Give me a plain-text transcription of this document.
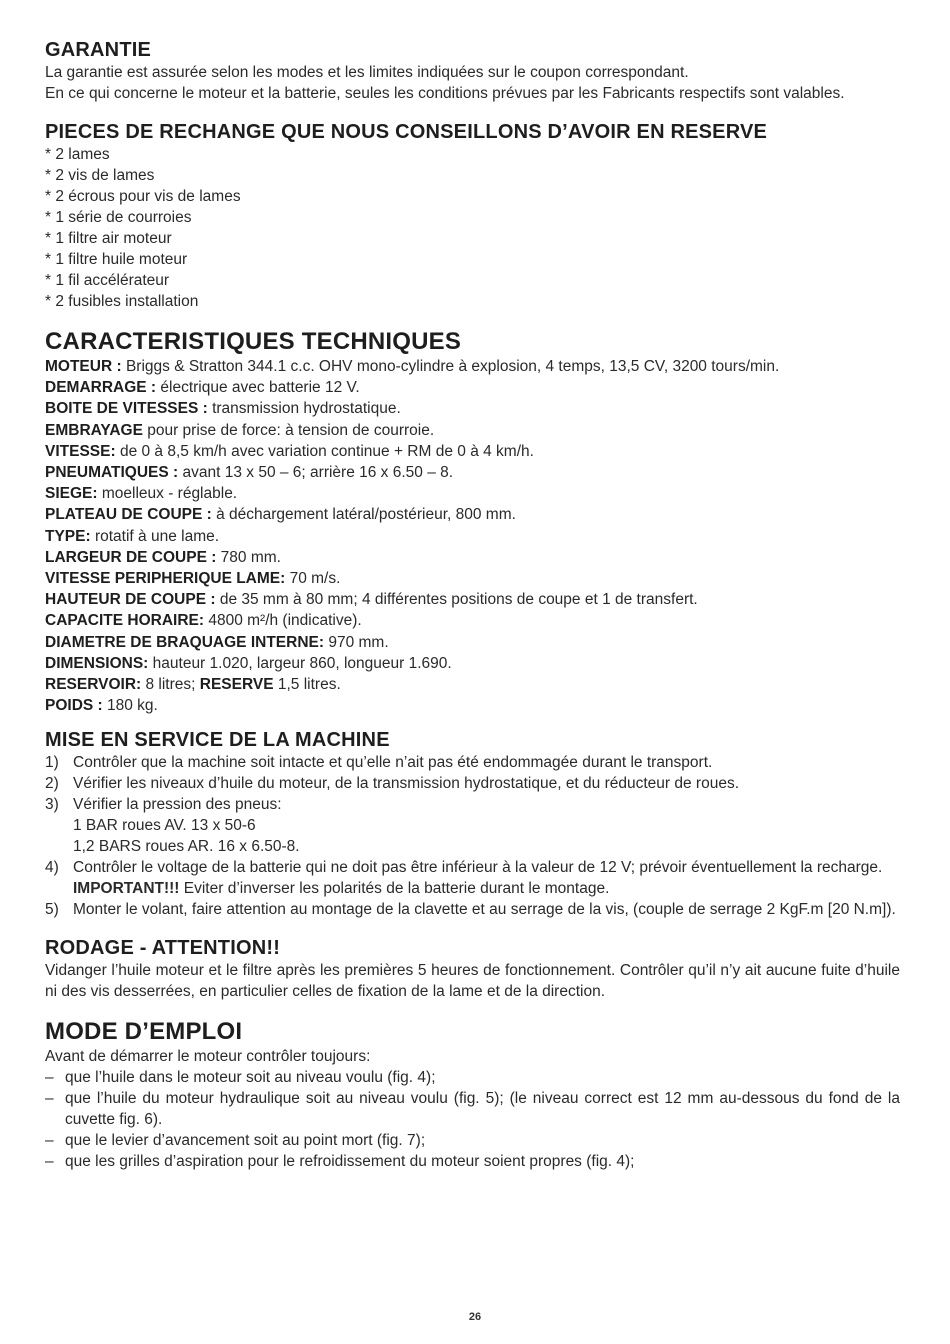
GARANTIE

La garantie est assurée selon les modes et les limites indiquées sur le coupon correspondant.

En ce qui concerne le moteur et la batterie, seules les conditions prévues par les Fabricants respectifs sont valables.

PIECES DE RECHANGE QUE NOUS CONSEILLONS D’AVOIR EN RESERVE
* 2 lames
* 2 vis de lames
* 2 écrous pour vis de lames
* 1 série de courroies
* 1 filtre air moteur
* 1 filtre huile moteur
* 1 fil accélérateur
* 2 fusibles installation
CARACTERISTIQUES TECHNIQUES

MOTEUR : Briggs & Stratton 344.1 c.c. OHV mono-cylindre à explosion, 4 temps, 13,5 CV, 3200 tours/min.

DEMARRAGE : électrique avec batterie 12 V.

BOITE DE VITESSES : transmission hydrostatique.

EMBRAYAGE pour prise de force: à tension de courroie.

VITESSE: de 0 à 8,5 km/h avec variation continue + RM de 0 à 4 km/h.

PNEUMATIQUES : avant 13 x 50 – 6; arrière 16 x 6.50 – 8.

SIEGE: moelleux - réglable.

PLATEAU DE COUPE : à déchargement latéral/postérieur, 800 mm.

TYPE: rotatif à une lame.

LARGEUR DE COUPE : 780 mm.

VITESSE PERIPHERIQUE LAME: 70 m/s.

HAUTEUR DE COUPE : de 35 mm à 80 mm; 4 différentes positions de coupe et 1 de transfert.

CAPACITE HORAIRE: 4800 m²/h (indicative).

DIAMETRE DE BRAQUAGE INTERNE: 970 mm.

DIMENSIONS: hauteur 1.020, largeur 860, longueur 1.690.

RESERVOIR: 8 litres; RESERVE 1,5 litres.

POIDS : 180 kg.

MISE EN SERVICE DE LA MACHINE
1) Contrôler que la machine soit intacte et qu’elle n’ait pas été endommagée durant le transport.
2) Vérifier les niveaux d’huile du moteur, de la transmission hydrostatique, et du réducteur de roues.
3) Vérifier la pression des pneus:
1 BAR roues AV. 13 x 50-6
1,2 BARS roues AR. 16 x 6.50-8.
4) Contrôler le voltage de la batterie qui ne doit pas être inférieur à la valeur de 12 V; prévoir éventuellement la recharge.
IMPORTANT!!! Eviter d’inverser les polarités de la batterie durant le montage.
5) Monter le volant, faire attention au montage de la clavette et au serrage de la vis, (couple de serrage 2 KgF.m [20 N.m]).
RODAGE - ATTENTION!!

Vidanger l’huile moteur et le filtre après les premières 5 heures de fonctionnement. Contrôler qu’il n’y ait aucune fuite d’huile ni des vis desserrées, en particulier celles de fixation de la lame et de la direction.

MODE D’EMPLOI

Avant de démarrer le moteur contrôler toujours:

– que l’huile dans le moteur soit au niveau voulu (fig. 4);
– que l’huile du moteur hydraulique soit au niveau voulu (fig. 5); (le niveau correct est 12 mm au-dessous du fond de la cuvette fig. 6).
– que le levier d’avancement soit au point mort (fig. 7);
– que les grilles d’aspiration pour le refroidissement du moteur soient propres (fig. 4);
26
